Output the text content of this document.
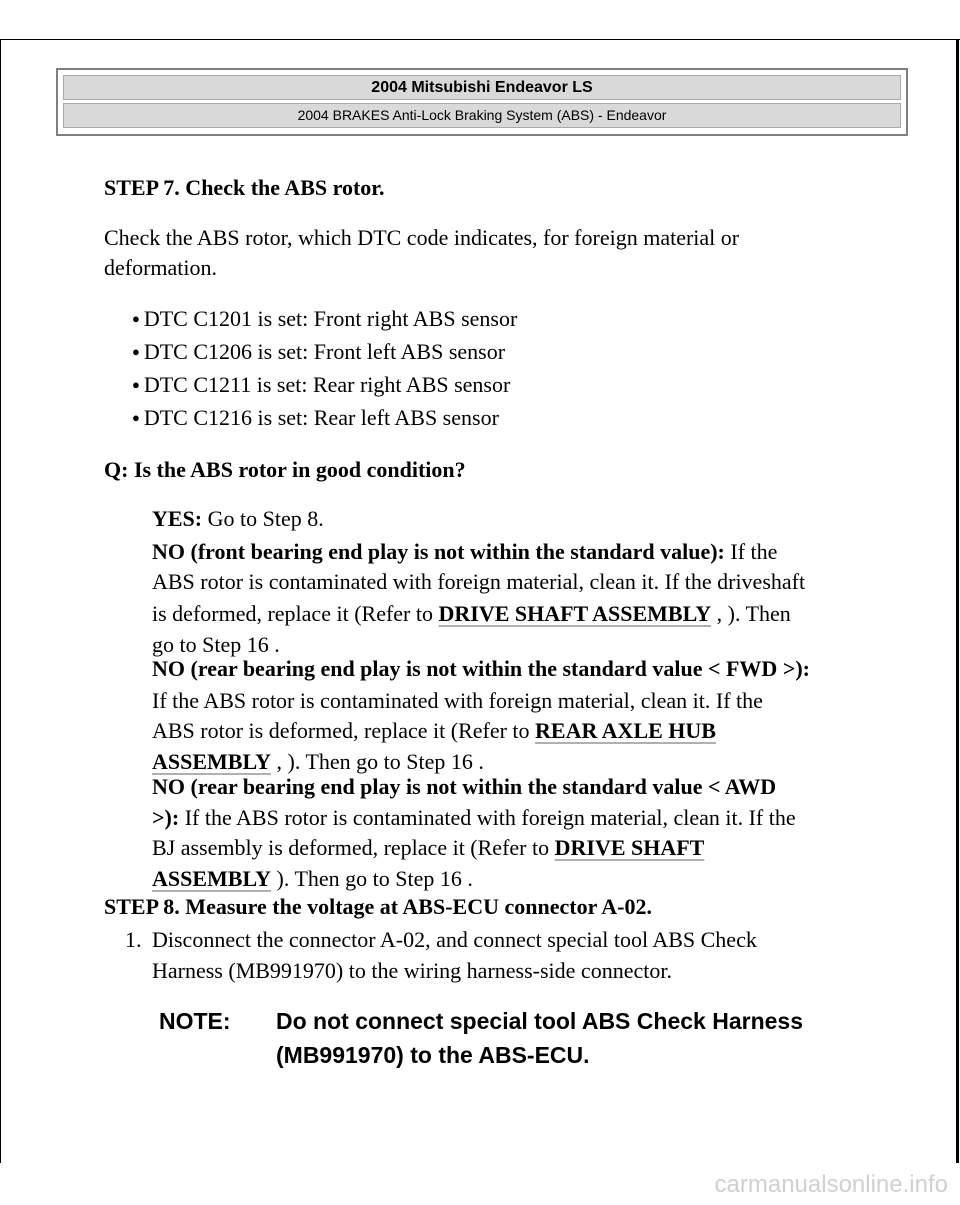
2004 Mitsubishi Endeavor LS
2004 BRAKES Anti-Lock Braking System (ABS) - Endeavor
STEP 7. Check the ABS rotor.
Check the ABS rotor, which DTC code indicates, for foreign material or
deformation.
● DTC C1201 is set: Front right ABS sensor
● DTC C1206 is set: Front left ABS sensor
● DTC C1211 is set: Rear right ABS sensor
● DTC C1216 is set: Rear left ABS sensor
Q: Is the ABS rotor in good condition?
YES: Go to Step 8.
NO (front bearing end play is not within the standard value): If the
ABS rotor is contaminated with foreign material, clean it. If the driveshaft
is deformed, replace it (Refer to DRIVE SHAFT ASSEMBLY , ). Then
go to Step 16 .
NO (rear bearing end play is not within the standard value < FWD >):
If the ABS rotor is contaminated with foreign material, clean it. If the
ABS rotor is deformed, replace it (Refer to REAR AXLE HUB
ASSEMBLY , ). Then go to Step 16 .
NO (rear bearing end play is not within the standard value < AWD
>): If the ABS rotor is contaminated with foreign material, clean it. If the
BJ assembly is deformed, replace it (Refer to DRIVE SHAFT
ASSEMBLY ). Then go to Step 16 .
STEP 8. Measure the voltage at ABS-ECU connector A-02.
1. Disconnect the connector A-02, and connect special tool ABS Check
Harness (MB991970) to the wiring harness-side connector.
NOTE: Do not connect special tool ABS Check Harness
(MB991970) to the ABS-ECU.
carmanualsonline.info
